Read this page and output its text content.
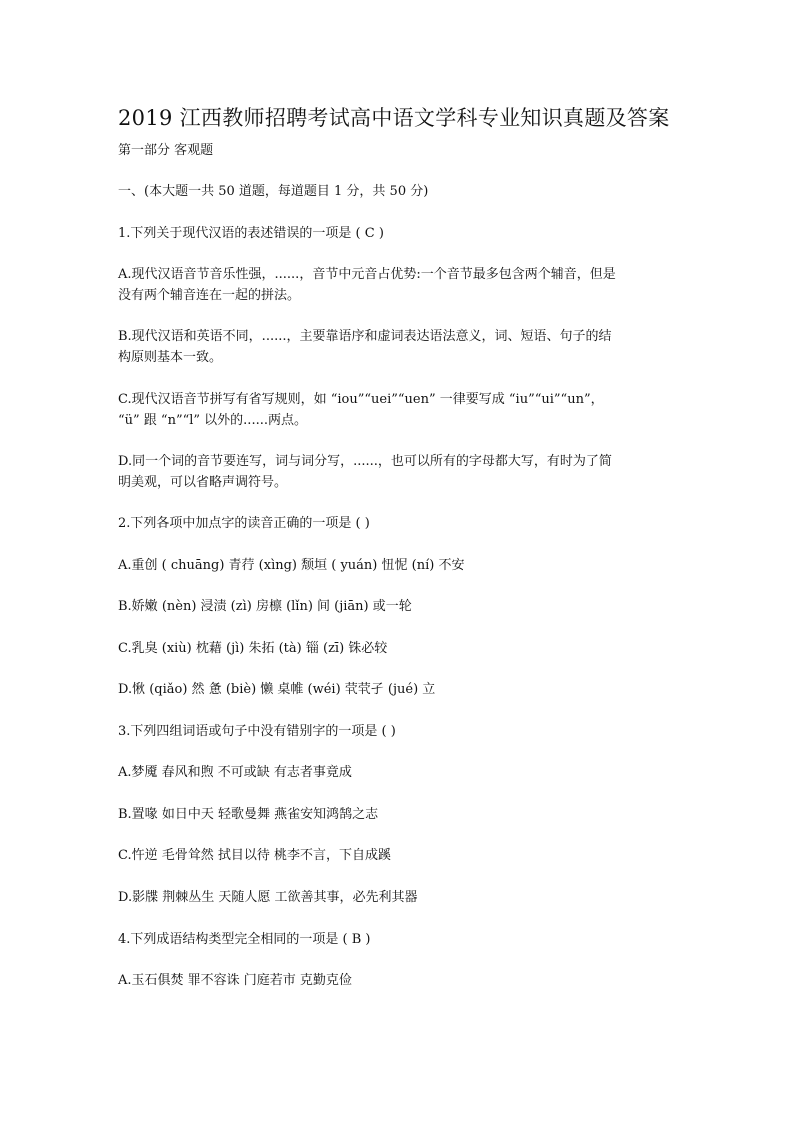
2019 江西教师招聘考试高中语文学科专业知识真题及答案
第一部分 客观题
一、(本大题一共 50 道题，每道题目 1 分，共 50 分)
1.下列关于现代汉语的表述错误的一项是 ( C )
A.现代汉语音节音乐性强，......，音节中元音占优势:一个音节最多包含两个辅音，但是
没有两个辅音连在一起的拼法。
B.现代汉语和英语不同，......，主要靠语序和虚词表达语法意义，词、短语、句子的结
构原则基本一致。
C.现代汉语音节拼写有省写规则，如 “iou”“uei”“uen” 一律要写成 “iu”“ui”“un”，
“ü” 跟 “n”“l” 以外的......两点。
D.同一个词的音节要连写，词与词分写，......，也可以所有的字母都大写，有时为了简
明美观，可以省略声调符号。
2.下列各项中加点字的读音正确的一项是 ( )
A.重创 ( chuāng) 青荇 (xìng) 颓垣 ( yuán) 忸怩 (ní) 不安
B.娇嫩 (nèn) 浸渍 (zì) 房檩 (lǐn) 间 (jiān) 或一轮
C.乳臭 (xiù) 枕藉 (jì) 朱拓 (tà) 锱 (zī) 铢必较
D.愀 (qiǎo) 然 惫 (biè) 懒 桌帷 (wéi) 茕茕孑 (jué) 立
3.下列四组词语或句子中没有错别字的一项是 ( )
A.梦魇 春风和煦 不可或缺 有志者事竟成
B.置喙 如日中天 轻歌曼舞 燕雀安知鸿鹄之志
C.忤逆 毛骨耸然 拭目以待 桃李不言，下自成蹊
D.影牒 荆棘丛生 天随人愿 工欲善其事，必先利其器
4.下列成语结构类型完全相同的一项是 ( B )
A.玉石俱焚 罪不容诛 门庭若市 克勤克俭
